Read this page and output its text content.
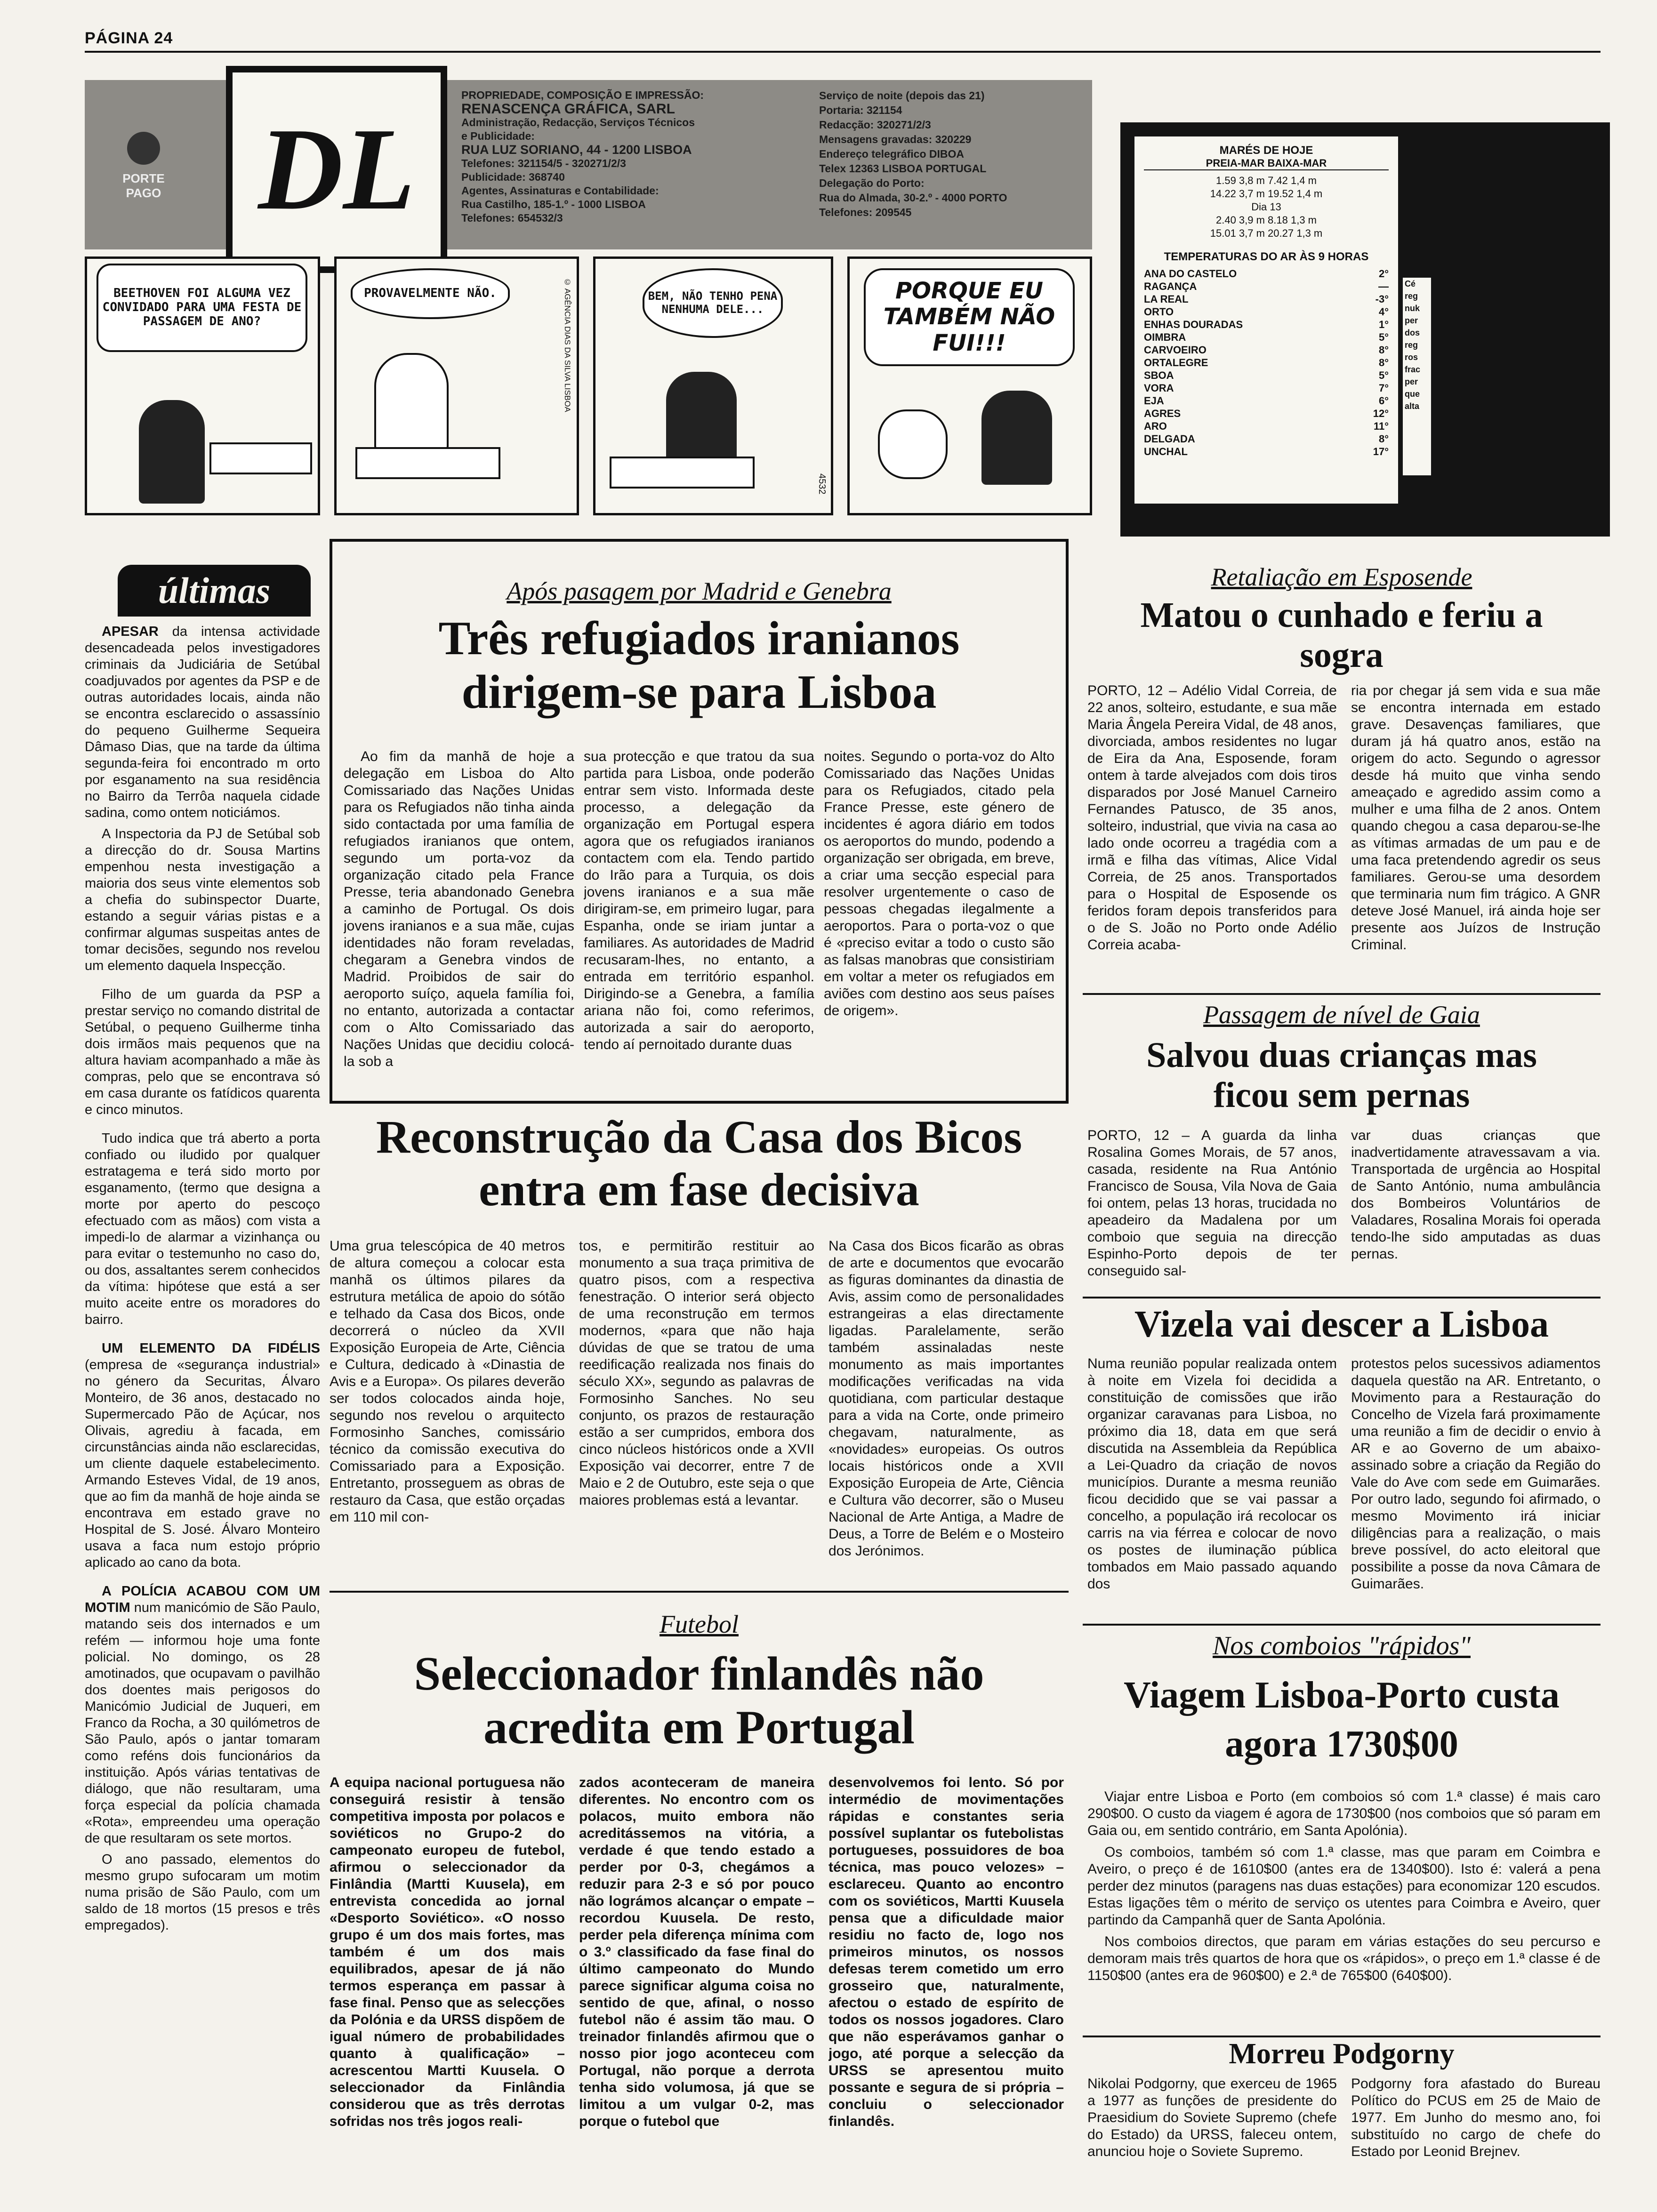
PÁGINA 24
PORTE PAGO DL
PROPRIEDADE, COMPOSIÇÃO E IMPRESSÃO:
RENASCENÇA GRÁFICA, SARL
Administração, Redacção, Serviços Técnicos
e Publicidade:
RUA LUZ SORIANO, 44 - 1200 LISBOA
Telefones: 321154/5 - 320271/2/3
Publicidade: 368740
Agentes, Assinaturas e Contabilidade:
Rua Castilho, 185-1.º - 1000 LISBOA
Telefones: 654532/3
Serviço de noite (depois das 21)
Portaria: 321154
Redacção: 320271/2/3
Mensagens gravadas: 320229
Endereço telegráfico DIBOA
Telex 12363 LISBOA PORTUGAL
Delegação do Porto:
Rua do Almada, 30-2.º - 4000 PORTO
Telefones: 209545
BEETHOVEN FOI ALGUMA VEZ CONVIDADO PARA UMA FESTA DE PASSAGEM DE ANO?
PROVAVELMENTE NÃO.	© AGÊNCIA DIAS DA SILVA LISBOA	BEM, NÃO TENHO PENA NENHUMA DELE...
4532
PORQUE EU TAMBÉM NÃO FUI!!!
MARÉS DE HOJE
PREIA-MAR BAIXA-MAR
1.59 3,8 m 7.42 1,4 m
14.22 3,7 m 19.52 1,4 m
Dia 13
2.40 3,9 m 8.18 1,3 m
15.01 3,7 m 20.27 1,3 m
TEMPERATURAS DO AR ÀS 9 HORAS
ANA DO CASTELO	2°
RAGANÇA	—
LA REAL	-3°
ORTO	4°
ENHAS DOURADAS	1°
OIMBRA	5°
CARVOEIRO	8°
ORTALEGRE	8°
SBOA	5°
VORA	7°
EJA	6°
AGRES	12°
ARO	11°
DELGADA	8°
UNCHAL	17°
Cé
reg
nuk
per
dos
reg
ros
frac
per
que
alta
últimas

APESAR da intensa actividade desencadeada pelos investigadores criminais da Judiciária de Setúbal coadjuvados por agentes da PSP e de outras autoridades locais, ainda não se encontra esclarecido o assassínio do pequeno Guilherme Sequeira Dâmaso Dias, que na tarde da última segunda-feira foi encontrado m orto por esganamento na sua residência no Bairro da Terrôa naquela cidade sadina, como ontem noticiámos.

A Inspectoria da PJ de Setúbal sob a direcção do dr. Sousa Martins empenhou nesta investigação a maioria dos seus vinte elementos sob a chefia do subinspector Duarte, estando a seguir várias pistas e a confirmar algumas suspeitas antes de tomar decisões, segundo nos revelou um elemento daquela Inspecção.

Filho de um guarda da PSP a prestar serviço no comando distrital de Setúbal, o pequeno Guilherme tinha dois irmãos mais pequenos que na altura haviam acompanhado a mãe às compras, pelo que se encontrava só em casa durante os fatídicos quarenta e cinco minutos.

Tudo indica que trá aberto a porta confiado ou iludido por qualquer estratagema e terá sido morto por esganamento, (termo que designa a morte por aperto do pescoço efectuado com as mãos) com vista a impedi-lo de alarmar a vizinhança ou para evitar o testemunho no caso do, ou dos, assaltantes serem conhecidos da vítima: hipótese que está a ser muito aceite entre os moradores do bairro.

UM ELEMENTO DA FIDÉLIS (empresa de «segurança industrial» no género da Securitas, Álvaro Monteiro, de 36 anos, destacado no Supermercado Pão de Açúcar, nos Olivais, agrediu à facada, em circunstâncias ainda não esclarecidas, um cliente daquele estabelecimento. Armando Esteves Vidal, de 19 anos, que ao fim da manhã de hoje ainda se encontrava em estado grave no Hospital de S. José. Álvaro Monteiro usava a faca num estojo próprio aplicado ao cano da bota.

A POLÍCIA ACABOU COM UM MOTIM num manicómio de São Paulo, matando seis dos internados e um refém — informou hoje uma fonte policial. No domingo, os 28 amotinados, que ocupavam o pavilhão dos doentes mais perigosos do Manicómio Judicial de Juqueri, em Franco da Rocha, a 30 quilómetros de São Paulo, após o jantar tomaram como reféns dois funcionários da instituição. Após várias tentativas de diálogo, que não resultaram, uma força especial da polícia chamada «Rota», empreendeu uma operação de que resultaram os sete mortos.

O ano passado, elementos do mesmo grupo sufocaram um motim numa prisão de São Paulo, com um saldo de 18 mortos (15 presos e três empregados).

Após pasagem por Madrid e Genebra
Três refugiados iranianos dirigem-se para Lisboa
Ao fim da manhã de hoje a delegação em Lisboa do Alto Comissariado das Nações Unidas para os Refugiados não tinha ainda sido contactada por uma família de refugiados iranianos que ontem, segundo um porta-voz da organização citado pela France Presse, teria abandonado Genebra a caminho de Portugal. Os dois jovens iranianos e a sua mãe, cujas identidades não foram reveladas, chegaram a Genebra vindos de Madrid. Proibidos de sair do aeroporto suíço, aquela família foi, no entanto, autorizada a contactar com o Alto Comissariado das Nações Unidas que decidiu colocá-la sob a
sua protecção e que tratou da sua partida para Lisboa, onde poderão entrar sem visto. Informada deste processo, a delegação da organização em Portugal espera agora que os refugiados iranianos contactem com ela. Tendo partido do Irão para a Turquia, os dois jovens iranianos e a sua mãe dirigiram-se, em primeiro lugar, para Espanha, onde se iriam juntar a familiares. As autoridades de Madrid recusaram-lhes, no entanto, a entrada em território espanhol. Dirigindo-se a Genebra, a família ariana não foi, como referimos, autorizada a sair do aeroporto, tendo aí pernoitado durante duas
noites. Segundo o porta-voz do Alto Comissariado das Nações Unidas para os Refugiados, citado pela France Presse, este género de incidentes é agora diário em todos os aeroportos do mundo, podendo a organização ser obrigada, em breve, a criar uma secção especial para resolver urgentemente o caso de pessoas chegadas ilegalmente a aeroportos. Para o porta-voz o que é «preciso evitar a todo o custo são as falsas manobras que consistiriam em voltar a meter os refugiados em aviões com destino aos seus países de origem».
Retaliação em Esposende
Matou o cunhado e feriu a sogra
PORTO, 12 – Adélio Vidal Correia, de 22 anos, solteiro, estudante, e sua mãe Maria Ângela Pereira Vidal, de 48 anos, divorciada, ambos residentes no lugar de Eira da Ana, Esposende, foram ontem à tarde alvejados com dois tiros disparados por José Manuel Carneiro Fernandes Patusco, de 35 anos, solteiro, industrial, que vivia na casa ao lado onde ocorreu a tragédia com a irmã e filha das vítimas, Alice Vidal Correia, de 25 anos. Transportados para o Hospital de Esposende os feridos foram depois transferidos para o de S. João no Porto onde Adélio Correia acaba-
ria por chegar já sem vida e sua mãe se encontra internada em estado grave. Desavenças familiares, que duram já há quatro anos, estão na origem do acto. Segundo o agressor desde há muito que vinha sendo ameaçado e agredido assim como a mulher e uma filha de 2 anos. Ontem quando chegou a casa deparou-se-lhe as vítimas armadas de um pau e de uma faca pretendendo agredir os seus familiares. Gerou-se uma desordem que terminaria num fim trágico. A GNR deteve José Manuel, irá ainda hoje ser presente aos Juízos de Instrução Criminal.
Passagem de nível de Gaia
Salvou duas crianças mas ficou sem pernas
PORTO, 12 – A guarda da linha Rosalina Gomes Morais, de 57 anos, casada, residente na Rua António Francisco de Sousa, Vila Nova de Gaia foi ontem, pelas 13 horas, trucidada no apeadeiro da Madalena por um comboio que seguia na direcção Espinho-Porto depois de ter conseguido sal-
var duas crianças que inadvertidamente atravessavam a via. Transportada de urgência ao Hospital de Santo António, numa ambulância dos Bombeiros Voluntários de Valadares, Rosalina Morais foi operada tendo-lhe sido amputadas as duas pernas.
Reconstrução da Casa dos Bicos entra em fase decisiva
Uma grua telescópica de 40 metros de altura começou a colocar esta manhã os últimos pilares da estrutura metálica de apoio do sótão e telhado da Casa dos Bicos, onde decorrerá o núcleo da XVII Exposição Europeia de Arte, Ciência e Cultura, dedicado à «Dinastia de Avis e a Europa». Os pilares deverão ser todos colocados ainda hoje, segundo nos revelou o arquitecto Formosinho Sanches, comissário técnico da comissão executiva do Comissariado para a Exposição. Entretanto, prosseguem as obras de restauro da Casa, que estão orçadas em 110 mil con-
tos, e permitirão restituir ao monumento a sua traça primitiva de quatro pisos, com a respectiva fenestração. O interior será objecto de uma reconstrução em termos modernos, «para que não haja dúvidas de que se tratou de uma reedificação realizada nos finais do século XX», segundo as palavras de Formosinho Sanches. No seu conjunto, os prazos de restauração estão a ser cumpridos, embora dos cinco núcleos históricos onde a XVII Exposição vai decorrer, entre 7 de Maio e 2 de Outubro, este seja o que maiores problemas está a levantar.
Na Casa dos Bicos ficarão as obras de arte e documentos que evocarão as figuras dominantes da dinastia de Avis, assim como de personalidades estrangeiras a elas directamente ligadas. Paralelamente, serão também assinaladas neste monumento as mais importantes modificações verificadas na vida quotidiana, com particular destaque para a vida na Corte, onde primeiro chegavam, naturalmente, as «novidades» europeias. Os outros locais históricos onde a XVII Exposição Europeia de Arte, Ciência e Cultura vão decorrer, são o Museu Nacional de Arte Antiga, a Madre de Deus, a Torre de Belém e o Mosteiro dos Jerónimos.
Vizela vai descer a Lisboa
Numa reunião popular realizada ontem à noite em Vizela foi decidida a constituição de comissões que irão organizar caravanas para Lisboa, no próximo dia 18, data em que será discutida na Assembleia da República a Lei-Quadro da criação de novos municípios. Durante a mesma reunião ficou decidido que se vai passar a concelho, a população irá recolocar os carris na via férrea e colocar de novo os postes de iluminação pública tombados em Maio passado aquando dos
protestos pelos sucessivos adiamentos daquela questão na AR. Entretanto, o Movimento para a Restauração do Concelho de Vizela fará proximamente uma reunião a fim de decidir o envio à AR e ao Governo de um abaixo-assinado sobre a criação da Região do Vale do Ave com sede em Guimarães. Por outro lado, segundo foi afirmado, o mesmo Movimento irá iniciar diligências para a realização, o mais breve possível, do acto eleitoral que possibilite a posse da nova Câmara de Guimarães.
Futebol
Seleccionador finlandês não acredita em Portugal
A equipa nacional portuguesa não conseguirá resistir à tensão competitiva imposta por polacos e soviéticos no Grupo-2 do campeonato europeu de futebol, afirmou o seleccionador da Finlândia (Martti Kuusela), em entrevista concedida ao jornal «Desporto Soviético». «O nosso grupo é um dos mais fortes, mas também é um dos mais equilibrados, apesar de já não termos esperança em passar à fase final. Penso que as selecções da Polónia e da URSS dispõem de igual número de probabilidades quanto à qualificação» – acrescentou Martti Kuusela. O seleccionador da Finlândia considerou que as três derrotas sofridas nos três jogos reali-
zados aconteceram de maneira diferentes. No encontro com os polacos, muito embora não acreditássemos na vitória, a verdade é que tendo estado a perder por 0-3, chegámos a reduzir para 2-3 e só por pouco não lográmos alcançar o empate – recordou Kuusela. De resto, perder pela diferença mínima com o 3.º classificado da fase final do último campeonato do Mundo parece significar alguma coisa no sentido de que, afinal, o nosso futebol não é assim tão mau. O treinador finlandês afirmou que o nosso pior jogo aconteceu com Portugal, não porque a derrota tenha sido volumosa, já que se limitou a um vulgar 0-2, mas porque o futebol que
desenvolvemos foi lento. Só por intermédio de movimentações rápidas e constantes seria possível suplantar os futebolistas portugueses, possuidores de boa técnica, mas pouco velozes» – esclareceu. Quanto ao encontro com os soviéticos, Martti Kuusela pensa que a dificuldade maior residiu no facto de, logo nos primeiros minutos, os nossos defesas terem cometido um erro grosseiro que, naturalmente, afectou o estado de espírito de todos os nossos jogadores. Claro que não esperávamos ganhar o jogo, até porque a selecção da URSS se apresentou muito possante e segura de si própria – concluiu o seleccionador finlandês.
Nos comboios "rápidos"
Viagem Lisboa-Porto custa agora 1730$00

Viajar entre Lisboa e Porto (em comboios só com 1.ª classe) é mais caro 290$00. O custo da viagem é agora de 1730$00 (nos comboios que só param em Gaia ou, em sentido contrário, em Santa Apolónia).

Os comboios, também só com 1.ª classe, mas que param em Coimbra e Aveiro, o preço é de 1610$00 (antes era de 1340$00). Isto é: valerá a pena perder dez minutos (paragens nas duas estações) para economizar 120 escudos. Estas ligações têm o mérito de serviço os utentes para Coimbra e Aveiro, quer partindo da Campanhã quer de Santa Apolónia.

Nos comboios directos, que param em várias estações do seu percurso e demoram mais três quartos de hora que os «rápidos», o preço em 1.ª classe é de 1150$00 (antes era de 960$00) e 2.ª de 765$00 (640$00).

Morreu Podgorny
Nikolai Podgorny, que exerceu de 1965 a 1977 as funções de presidente do Praesidium do Soviete Supremo (chefe do Estado) da URSS, faleceu ontem, anunciou hoje o Soviete Supremo.
Podgorny fora afastado do Bureau Político do PCUS em 25 de Maio de 1977. Em Junho do mesmo ano, foi substituído no cargo de chefe do Estado por Leonid Brejnev.
